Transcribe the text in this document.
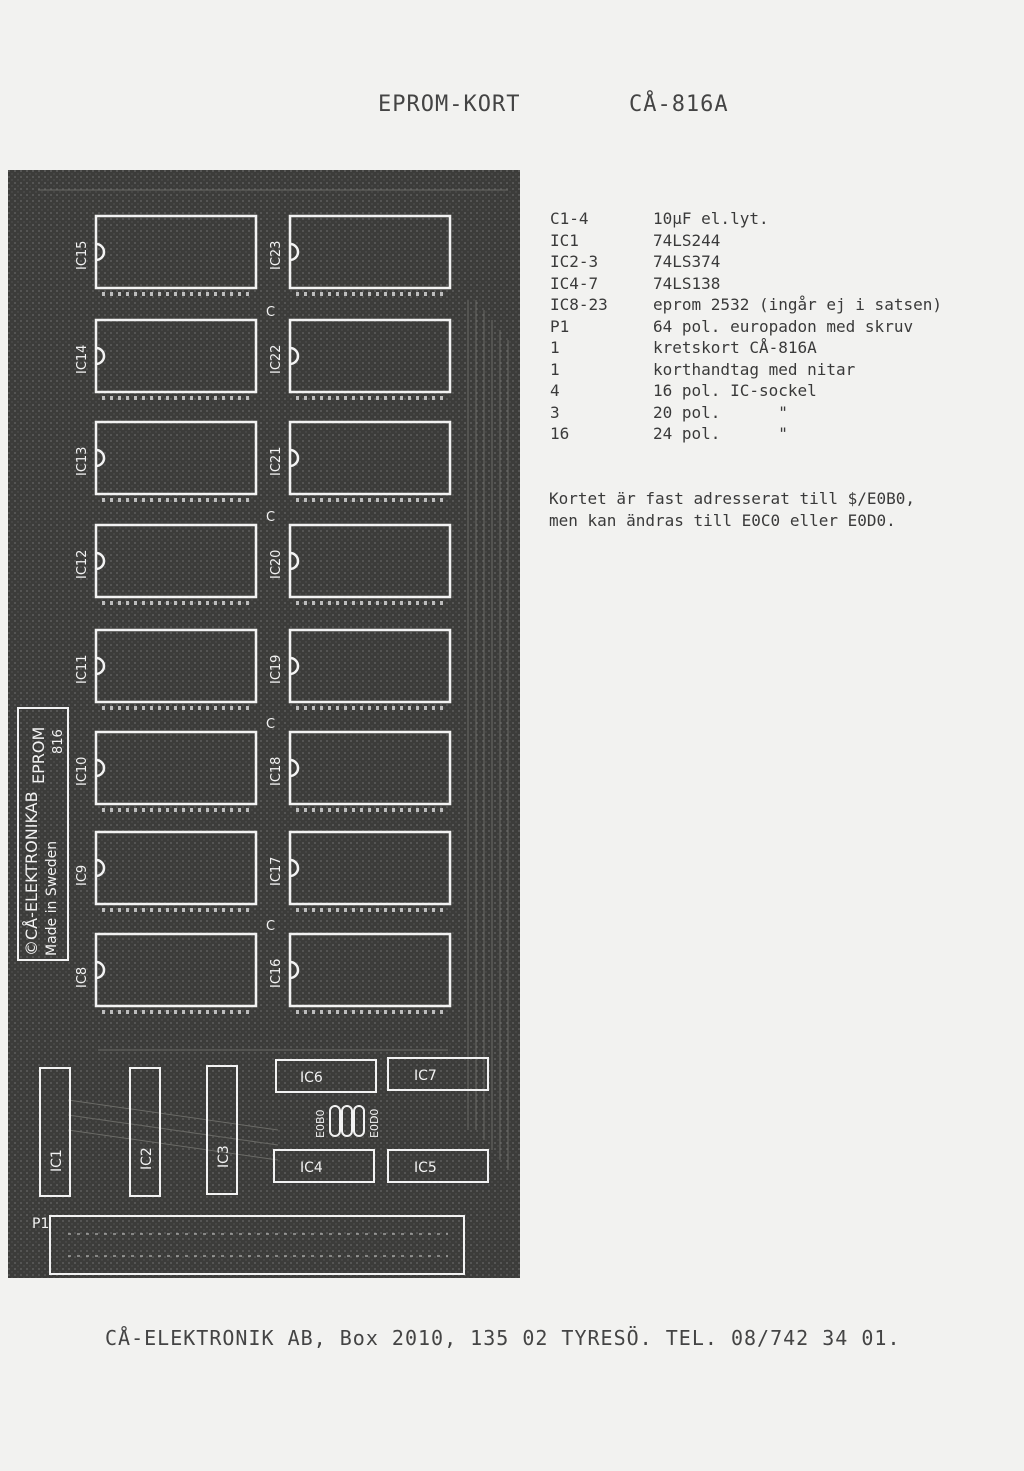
EPROM-KORT	CÅ-816A
©CÅ-ELEKTRONIKAB Made in Sweden
EPROM 816
IC15	IC23
IC14	IC22
C
IC13	IC21
IC12	IC20
C
IC11	IC19
IC10	IC18
C
IC9	IC17
IC8	IC16
C
IC1	IC2	IC3
IC6	IC7
IC4	IC5
E0B0	E0D0
P1
C1-4	10μF el.lyt.
IC1	74LS244
IC2-3	74LS374
IC4-7	74LS138
IC8-23	eprom 2532 (ingår ej i satsen)
P1	64 pol. europadon med skruv
1	kretskort CÅ-816A
1	korthandtag med nitar
4	16 pol. IC-sockel
3	20 pol.      "
16	24 pol.      "
Kortet är fast adresserat till $/E0B0,
men kan ändras till E0C0 eller E0D0.
CÅ-ELEKTRONIK AB, Box 2010, 135 02 TYRESÖ. TEL. 08/742 34 01.
